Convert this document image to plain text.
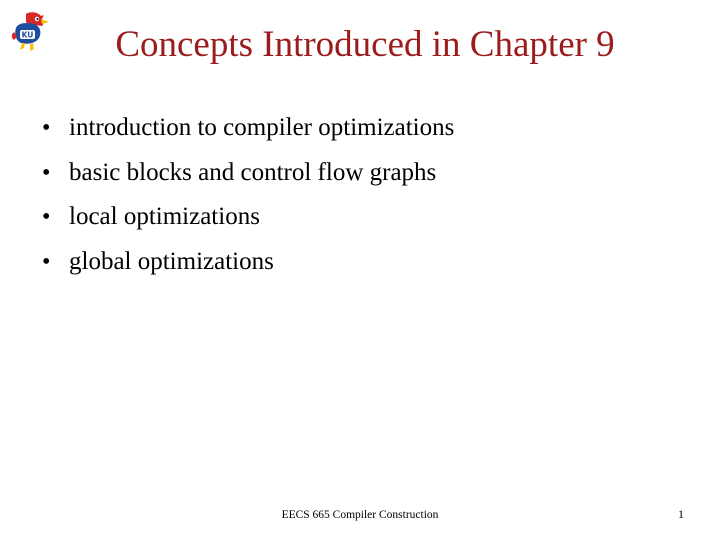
KU	Concepts Introduced in Chapter 9
• introduction to compiler optimizations
• basic blocks and control flow graphs
• local optimizations
• global optimizations
EECS 665 Compiler Construction	1
